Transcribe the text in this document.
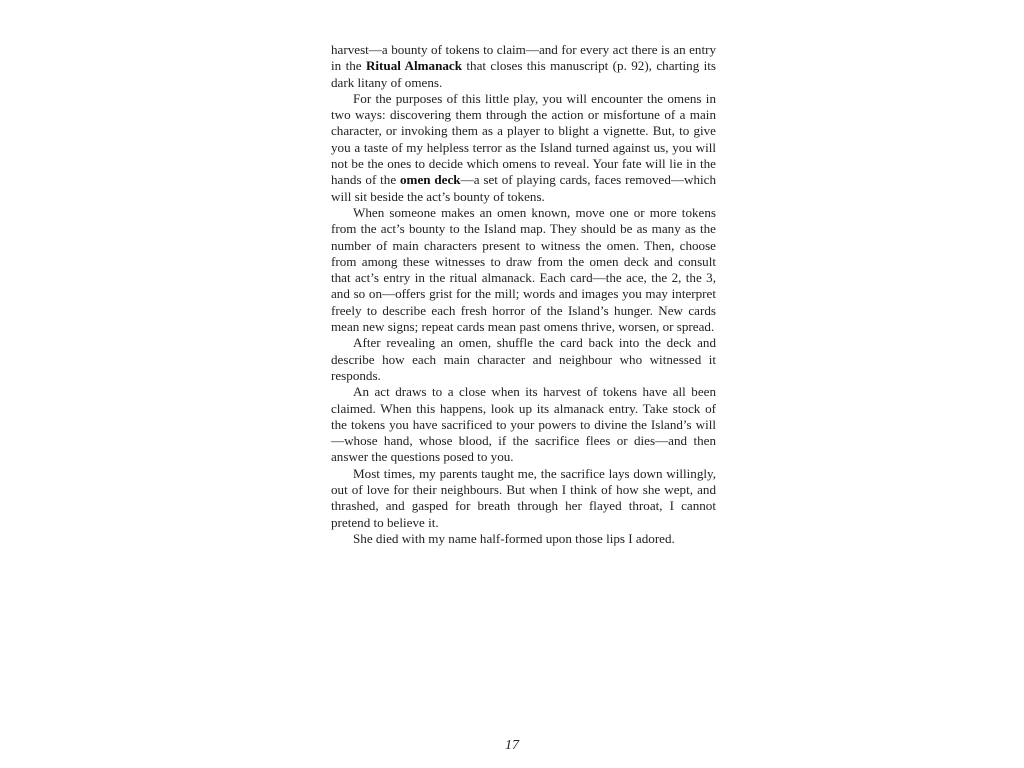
harvest—a bounty of tokens to claim—and for every act there is an entry in the Ritual Almanack that closes this manuscript (p. 92), charting its dark litany of omens.

For the purposes of this little play, you will encounter the omens in two ways: discovering them through the action or misfortune of a main character, or invoking them as a player to blight a vignette. But, to give you a taste of my helpless terror as the Island turned against us, you will not be the ones to decide which omens to reveal. Your fate will lie in the hands of the omen deck—a set of playing cards, faces removed—which will sit beside the act’s bounty of tokens.

When someone makes an omen known, move one or more tokens from the act’s bounty to the Island map. They should be as many as the number of main characters present to witness the omen. Then, choose from among these witnesses to draw from the omen deck and consult that act’s entry in the ritual almanack. Each card—the ace, the 2, the 3, and so on—offers grist for the mill; words and images you may interpret freely to describe each fresh horror of the Island’s hunger. New cards mean new signs; repeat cards mean past omens thrive, worsen, or spread.

After revealing an omen, shuffle the card back into the deck and describe how each main character and neighbour who witnessed it responds.

An act draws to a close when its harvest of tokens have all been claimed. When this happens, look up its almanack entry. Take stock of the tokens you have sacrificed to your powers to divine the Island’s will—whose hand, whose blood, if the sacrifice flees or dies—and then answer the questions posed to you.

Most times, my parents taught me, the sacrifice lays down willingly, out of love for their neighbours. But when I think of how she wept, and thrashed, and gasped for breath through her flayed throat, I cannot pretend to believe it.

She died with my name half-formed upon those lips I adored.

17
